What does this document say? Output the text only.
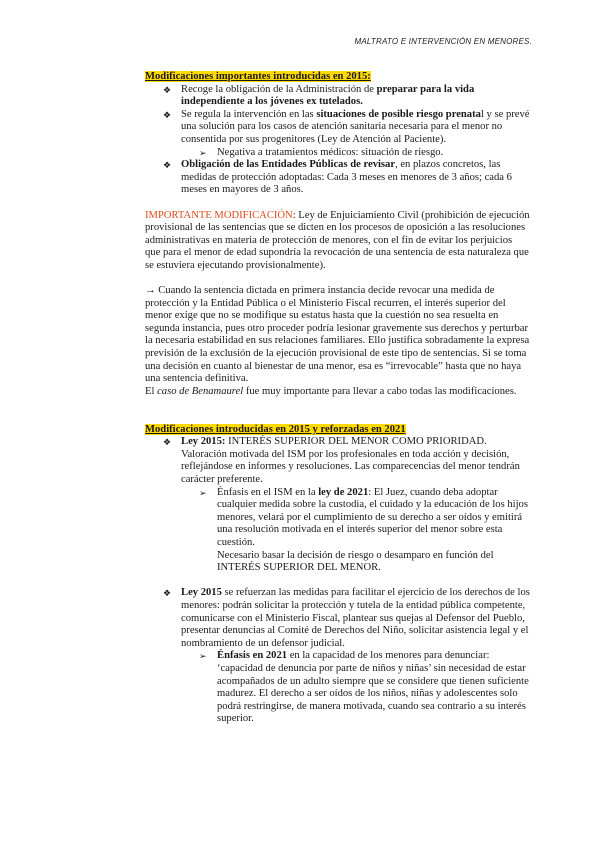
MALTRATO E INTERVENCIÓN EN MENORES.
Modificaciones importantes introducidas en 2015:
❖ Recoge la obligación de la Administración de preparar para la vida independiente a los jóvenes ex tutelados.
❖ Se regula la intervención en las situaciones de posible riesgo prenatal y se prevé una solución para los casos de atención sanitaria necesaria para el menor no consentida por sus progenitores (Ley de Atención al Paciente).
➢ Negativa a tratamientos médicos: situación de riesgo.
❖ Obligación de las Entidades Públicas de revisar, en plazos concretos, las medidas de protección adoptadas: Cada 3 meses en menores de 3 años; cada 6 meses en mayores de 3 años.

IMPORTANTE MODIFICACIÓN: Ley de Enjuiciamiento Civil (prohibición de ejecución provisional de las sentencias que se dicten en los procesos de oposición a las resoluciones administrativas en materia de protección de menores, con el fin de evitar los perjuicios que para el menor de edad supondría la revocación de una sentencia de esta naturaleza que se estuviera ejecutando provisionalmente).

→ Cuando la sentencia dictada en primera instancia decide revocar una medida de protección y la Entidad Pública o el Ministerio Fiscal recurren, el interés superior del menor exige que no se modifique su estatus hasta que la cuestión no sea resuelta en segunda instancia, pues otro proceder podría lesionar gravemente sus derechos y perturbar la necesaria estabilidad en sus relaciones familiares. Ello justifica sobradamente la expresa previsión de la exclusión de la ejecución provisional de este tipo de sentencias. Si se toma una decisión en cuanto al bienestar de una menor, esa es “irrevocable” hasta que no haya una sentencia definitiva.

El caso de Benamaurel fue muy importante para llevar a cabo todas las modificaciones.

Modificaciones introducidas en 2015 y reforzadas en 2021
❖ Ley 2015: INTERÉS SUPERIOR DEL MENOR COMO PRIORIDAD. Valoración motivada del ISM por los profesionales en toda acción y decisión, reflejándose en informes y resoluciones. Las comparecencias del menor tendrán carácter preferente.
➢ Énfasis en el ISM en la ley de 2021: El Juez, cuando deba adoptar cualquier medida sobre la custodia, el cuidado y la educación de los hijos menores, velará por el cumplimiento de su derecho a ser oídos y emitirá una resolución motivada en el interés superior del menor sobre esta cuestión.
Necesario basar la decisión de riesgo o desamparo en función del INTERÉS SUPERIOR DEL MENOR.
❖ Ley 2015 se refuerzan las medidas para facilitar el ejercicio de los derechos de los menores: podrán solicitar la protección y tutela de la entidad pública competente, comunicarse con el Ministerio Fiscal, plantear sus quejas al Defensor del Pueblo, presentar denuncias al Comité de Derechos del Niño, solicitar asistencia legal y el nombramiento de un defensor judicial.
➢ Énfasis en 2021 en la capacidad de los menores para denunciar: ‘capacidad de denuncia por parte de niños y niñas’ sin necesidad de estar acompañados de un adulto siempre que se considere que tienen suficiente madurez. El derecho a ser oídos de los niños, niñas y adolescentes solo podrá restringirse, de manera motivada, cuando sea contrario a su interés superior.
